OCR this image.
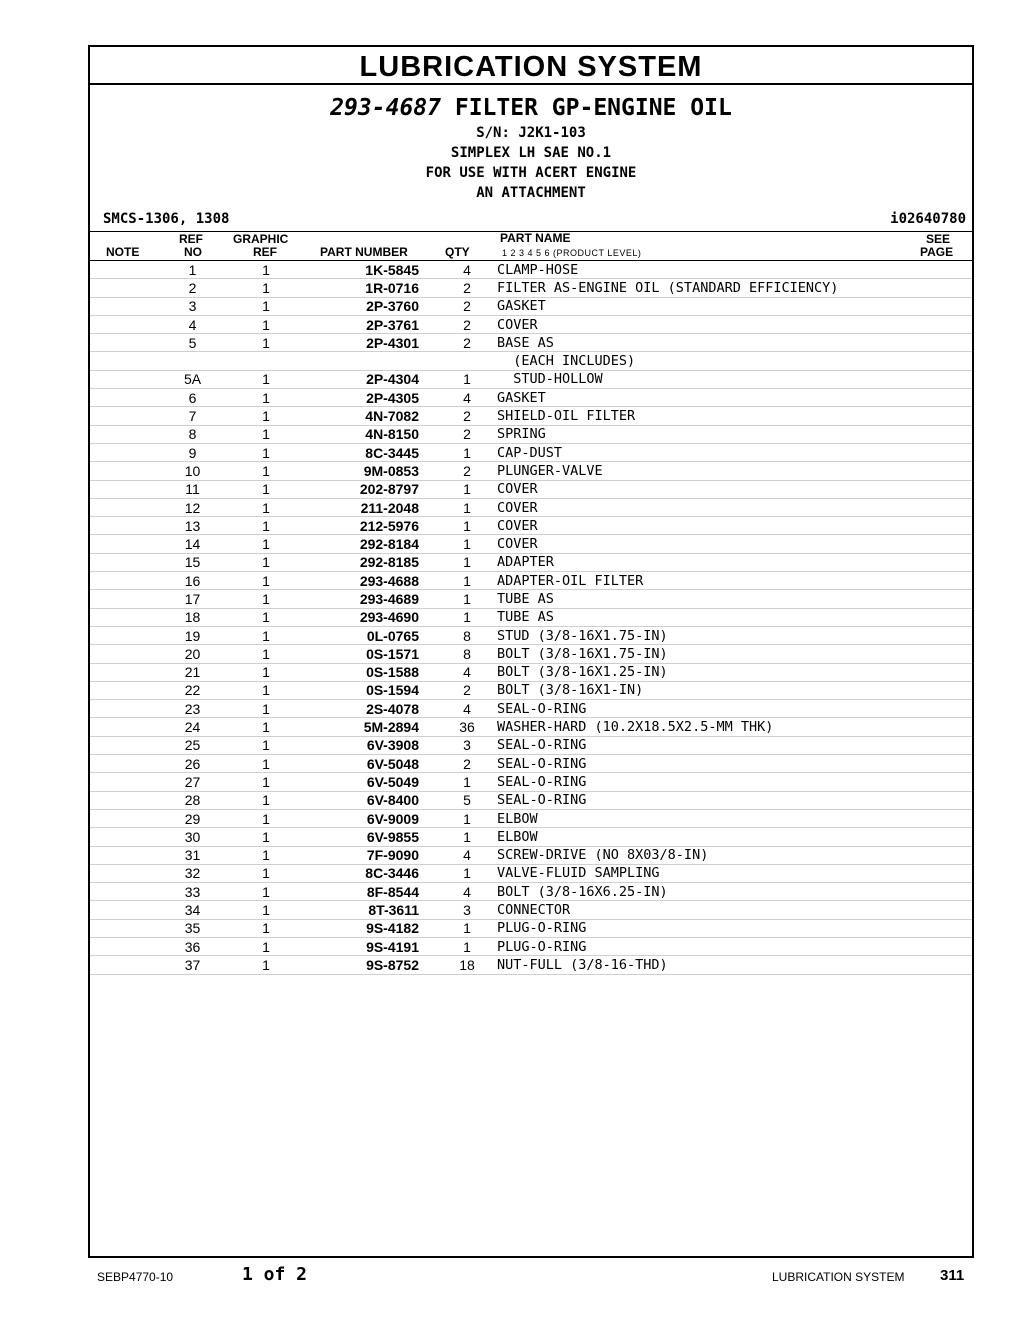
LUBRICATION SYSTEM
293-4687 FILTER GP-ENGINE OIL
S/N: J2K1-103
SIMPLEX LH SAE NO.1
FOR USE WITH ACERT ENGINE
AN ATTACHMENT
SMCS-1306, 1308	i02640780
NOTE
REF
NO
GRAPHIC
REF	PART NUMBER	QTY
PART NAME
1 2 3 4 5 6 (PRODUCT LEVEL)
SEE
PAGE
	1	1	1K-5845	4	CLAMP-HOSE	
	2	1	1R-0716	2	FILTER AS-ENGINE OIL (STANDARD EFFICIENCY)	
	3	1	2P-3760	2	GASKET	
	4	1	2P-3761	2	COVER	
	5	1	2P-4301	2	BASE AS	
					(EACH INCLUDES)	
	5A	1	2P-4304	1	STUD-HOLLOW	
	6	1	2P-4305	4	GASKET	
	7	1	4N-7082	2	SHIELD-OIL FILTER	
	8	1	4N-8150	2	SPRING	
	9	1	8C-3445	1	CAP-DUST	
	10	1	9M-0853	2	PLUNGER-VALVE	
	11	1	202-8797	1	COVER	
	12	1	211-2048	1	COVER	
	13	1	212-5976	1	COVER	
	14	1	292-8184	1	COVER	
	15	1	292-8185	1	ADAPTER	
	16	1	293-4688	1	ADAPTER-OIL FILTER	
	17	1	293-4689	1	TUBE AS	
	18	1	293-4690	1	TUBE AS	
	19	1	0L-0765	8	STUD (3/8-16X1.75-IN)	
	20	1	0S-1571	8	BOLT (3/8-16X1.75-IN)	
	21	1	0S-1588	4	BOLT (3/8-16X1.25-IN)	
	22	1	0S-1594	2	BOLT (3/8-16X1-IN)	
	23	1	2S-4078	4	SEAL-O-RING	
	24	1	5M-2894	36	WASHER-HARD (10.2X18.5X2.5-MM THK)	
	25	1	6V-3908	3	SEAL-O-RING	
	26	1	6V-5048	2	SEAL-O-RING	
	27	1	6V-5049	1	SEAL-O-RING	
	28	1	6V-8400	5	SEAL-O-RING	
	29	1	6V-9009	1	ELBOW	
	30	1	6V-9855	1	ELBOW	
	31	1	7F-9090	4	SCREW-DRIVE (NO 8X03/8-IN)	
	32	1	8C-3446	1	VALVE-FLUID SAMPLING	
	33	1	8F-8544	4	BOLT (3/8-16X6.25-IN)	
	34	1	8T-3611	3	CONNECTOR	
	35	1	9S-4182	1	PLUG-O-RING	
	36	1	9S-4191	1	PLUG-O-RING	
	37	1	9S-8752	18	NUT-FULL (3/8-16-THD)	
SEBP4770-10	1 of 2	LUBRICATION SYSTEM 311
